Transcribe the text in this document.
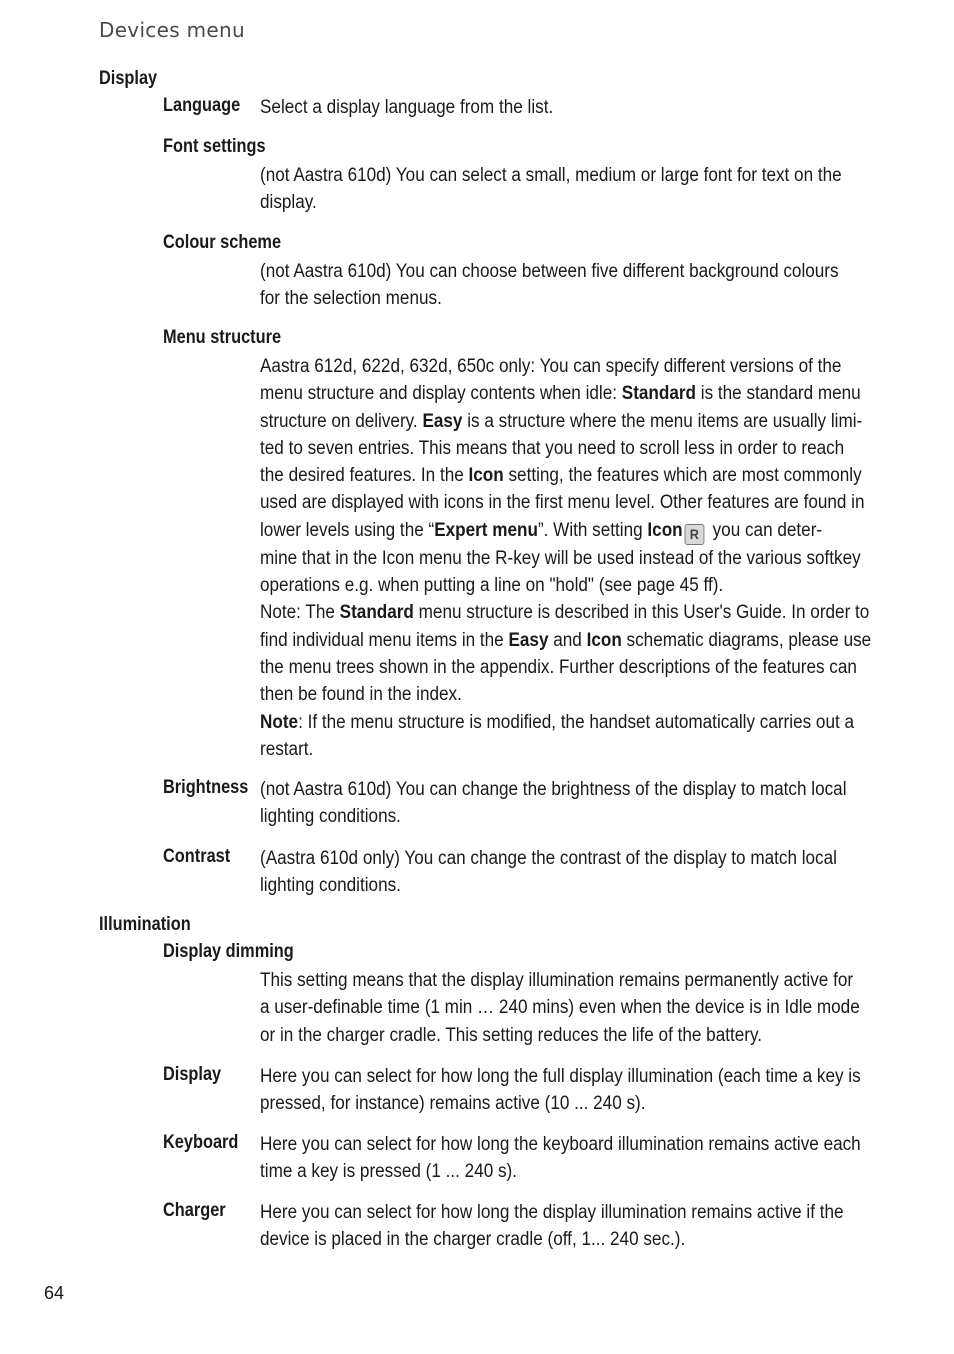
Devices menu
Display
Language Select a display language from the list.
Font settings
(not Aastra 610d) You can select a small, medium or large font for text on the
display.
Colour scheme
(not Aastra 610d) You can choose between five different background colours
for the selection menus.
Menu structure
Aastra 612d, 622d, 632d, 650c only: You can specify different versions of the
menu structure and display contents when idle: Standard is the standard menu
structure on delivery. Easy is a structure where the menu items are usually limi-
ted to seven entries. This means that you need to scroll less in order to reach
the desired features. In the Icon setting, the features which are most commonly
used are displayed with icons in the first menu level. Other features are found in
lower levels using the “Expert menu”. With setting Icon R you can deter-
mine that in the Icon menu the R-key will be used instead of the various softkey
operations e.g. when putting a line on "hold" (see page 45 ff).
Note: The Standard menu structure is described in this User's Guide. In order to
find individual menu items in the Easy and Icon schematic diagrams, please use
the menu trees shown in the appendix. Further descriptions of the features can
then be found in the index.
Note: If the menu structure is modified, the handset automatically carries out a
restart.
Brightness (not Aastra 610d) You can change the brightness of the display to match local
lighting conditions.
Contrast (Aastra 610d only) You can change the contrast of the display to match local
lighting conditions.
Illumination
Display dimming
This setting means that the display illumination remains permanently active for
a user-definable time (1 min … 240 mins) even when the device is in Idle mode
or in the charger cradle. This setting reduces the life of the battery.
Display Here you can select for how long the full display illumination (each time a key is
pressed, for instance) remains active (10 ... 240 s).
Keyboard Here you can select for how long the keyboard illumination remains active each
time a key is pressed (1 ... 240 s).
Charger Here you can select for how long the display illumination remains active if the
device is placed in the charger cradle (off, 1... 240 sec.).
64
